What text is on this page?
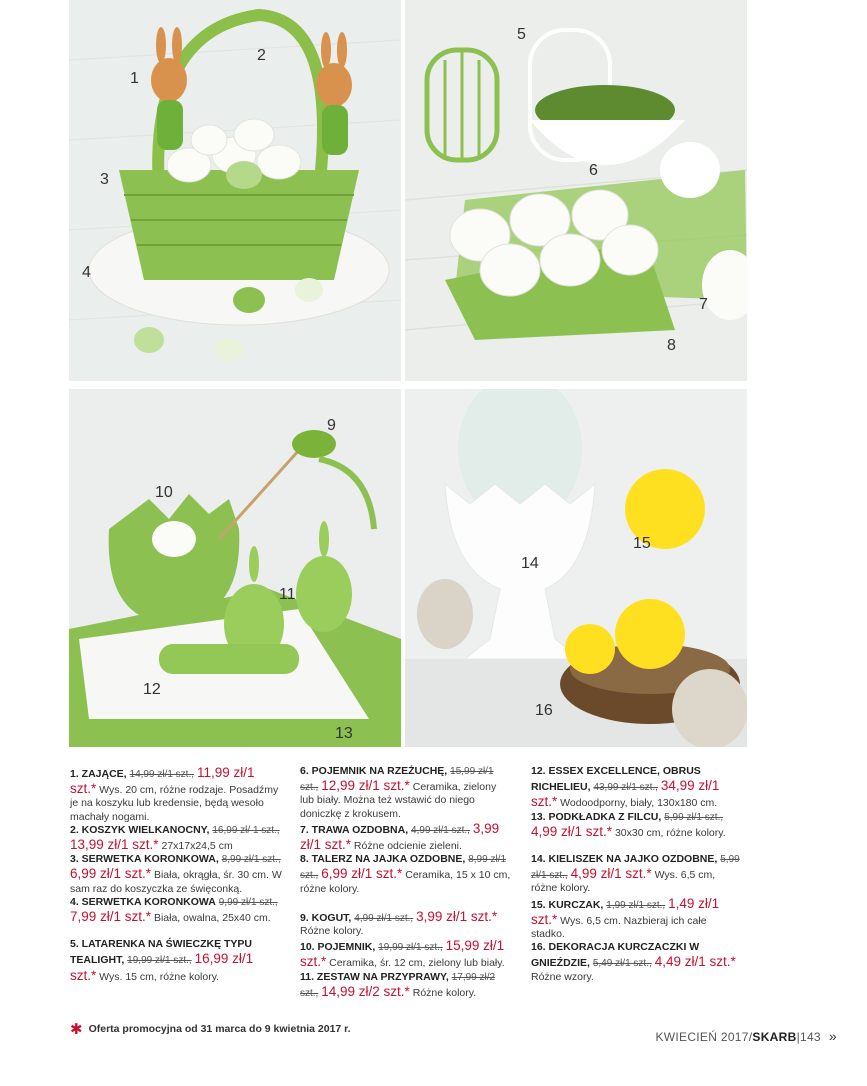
1
2
3
4
5
6
7
8
9
10
11
12
13
14
15
16
1. ZAJĄCE, 14,99 zł/1 szt., 11,99 zł/1 szt.* Wys. 20 cm, różne rodzaje. Posadźmy je na koszyku lub kredensie, będą wesoło machały nogami.
2. KOSZYK WIELKANOCNY, 16,99 zł/ 1 szt., 13,99 zł/1 szt.* 27x17x24,5 cm
3. SERWETKA KORONKOWA, 8,99 zł/1 szt., 6,99 zł/1 szt.* Biała, okrągła, śr. 30 cm. W sam raz do koszyczka ze święconką.
4. SERWETKA KORONKOWA 9,99 zł/1 szt., 7,99 zł/1 szt.* Biała, owalna, 25x40 cm.
5. LATARENKA NA ŚWIECZKĘ TYPU TEALIGHT, 19,99 zł/1 szt., 16,99 zł/1 szt.* Wys. 15 cm, różne kolory.
6. POJEMNIK NA RZEŻUCHĘ, 15,99 zł/1 szt., 12,99 zł/1 szt.* Ceramika, zielony lub biały. Można też wstawić do niego doniczkę z krokusem.
7. TRAWA OZDOBNA, 4,99 zł/1 szt., 3,99 zł/1 szt.* Różne odcienie zieleni.
8. TALERZ NA JAJKA OZDOBNE, 8,99 zł/1 szt., 6,99 zł/1 szt.* Ceramika, 15 x 10 cm, różne kolory.
9. KOGUT, 4,99 zł/1 szt., 3,99 zł/1 szt.* Różne kolory.
10. POJEMNIK, 19,99 zł/1 szt., 15,99 zł/1 szt.* Ceramika, śr. 12 cm, zielony lub biały.
11. ZESTAW NA PRZYPRAWY, 17,99 zł/2 szt., 14,99 zł/2 szt.* Różne kolory.
12. ESSEX EXCELLENCE, OBRUS RICHELIEU, 43,99 zł/1 szt., 34,99 zł/1 szt.* Wodoodporny, biały, 130x180 cm.
13. PODKŁADKA Z FILCU, 5,99 zł/1 szt., 4,99 zł/1 szt.* 30x30 cm, różne kolory.
14. KIELISZEK NA JAJKO OZDOBNE, 5,99 zł/1 szt., 4,99 zł/1 szt.* Wys. 6,5 cm, różne kolory.
15. KURCZAK, 1,99 zł/1 szt., 1,49 zł/1 szt.* Wys. 6,5 cm. Nazbieraj ich całe stadko.
16. DEKORACJA KURCZACZKI W GNIEŹDZIE, 5,49 zł/1 szt., 4,49 zł/1 szt.* Różne wzory.
✱ Oferta promocyjna od 31 marca do 9 kwietnia 2017 r.
KWIECIEŃ 2017/SKARB|143 »
